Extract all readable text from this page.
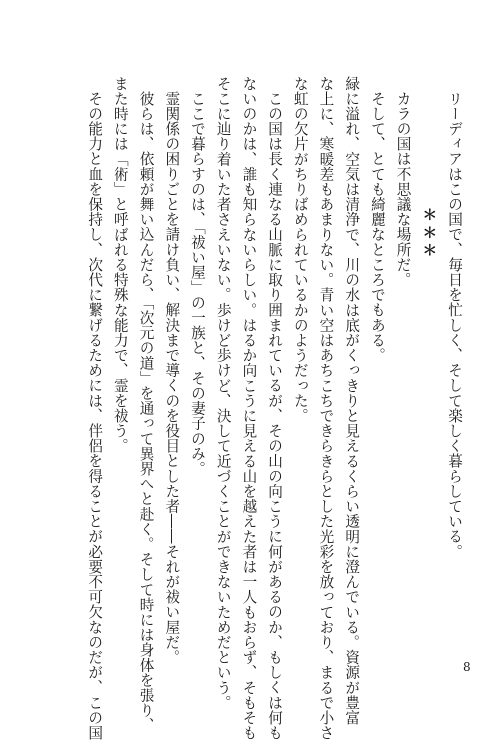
リーディアはこの国で、毎日を忙しく、そして楽しく暮らしている。
＊＊＊
カラの国は不思議な場所だ。
そして、とても綺麗なところでもある。
緑に溢れ、空気は清浄で、川の水は底がくっきりと見えるくらい透明に澄んでいる。資源が豊富
な上に、寒暖差もあまりない。青い空はあちこちできらきらとした光彩を放っており、まるで小さ
な虹の欠片がちりばめられているかのようだった。
この国は長く連なる山脈に取り囲まれているが、その山の向こうに何があるのか、もしくは何も
ないのかは、誰も知らないらしい。はるか向こうに見える山を越えた者は一人もおらず、そもそも
そこに辿り着いた者さえいない。歩けど歩けど、決して近づくことができないためだという。
ここで暮らすのは、「祓い屋」の一族と、その妻子のみ。
霊関係の困りごとを請け負い、解決まで導くのを役目とした者――それが祓い屋だ。
彼らは、依頼が舞い込んだら、「次元の道」を通って異界へと赴く。そして時には身体を張り、
また時には「術」と呼ばれる特殊な能力で、霊を祓う。
その能力と血を保持し、次代に繋げるためには、伴侶を得ることが必要不可欠なのだが、この国	8
